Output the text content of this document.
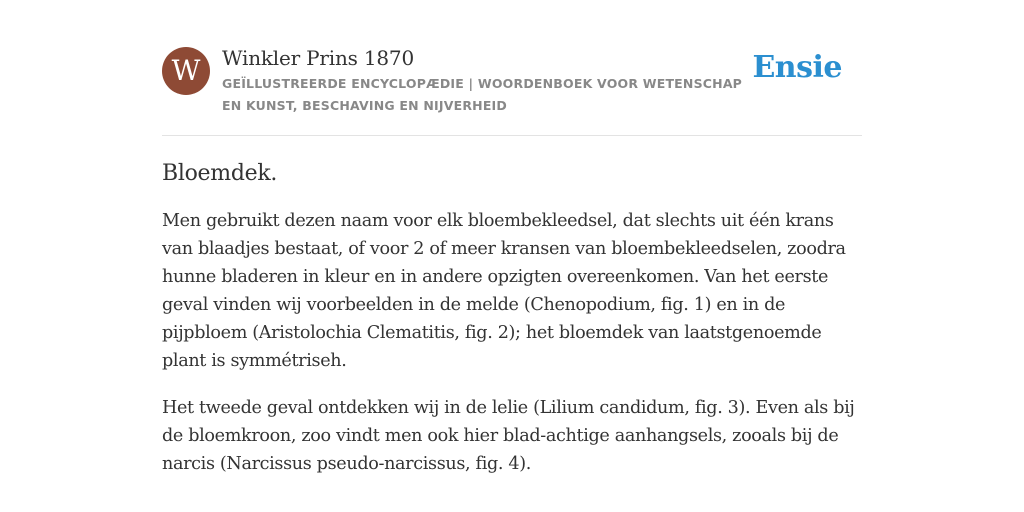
W	Winkler Prins 1870
GEÏLLUSTREERDE ENCYCLOPÆDIE | WOORDENBOEK VOOR WETENSCHAP EN KUNST, BESCHAVING EN NIJVERHEID
Ensie
Bloemdek.

Men gebruikt dezen naam voor elk bloembekleedsel, dat slechts uit één krans van blaadjes bestaat, of voor 2 of meer kransen van bloembekleedselen, zoodra hunne bladeren in kleur en in andere opzigten overeenkomen. Van het eerste geval vinden wij voorbeelden in de melde (Chenopodium, fig. 1) en in de pijpbloem (Aristolochia Clematitis, fig. 2); het bloemdek van laatstgenoemde plant is symmétriseh.

Het tweede geval ontdekken wij in de lelie (Lilium candidum, fig. 3). Even als bij de bloemkroon, zoo vindt men ook hier blad-achtige aanhangsels, zooals bij de narcis (Narcissus pseudo-narcissus, fig. 4).
